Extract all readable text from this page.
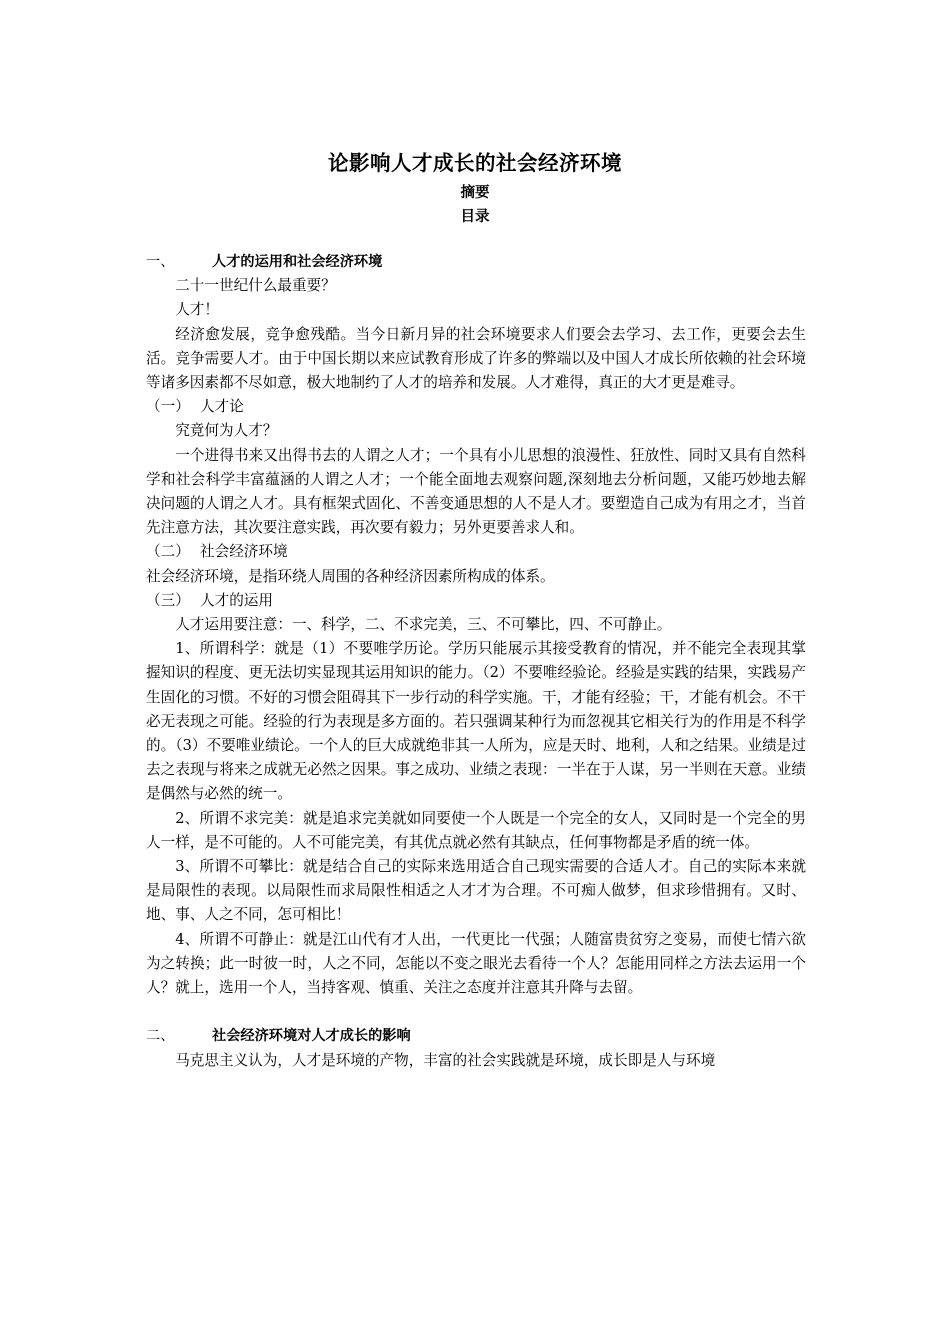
论影响人才成长的社会经济环境
摘要
目录

一、	人才的运用和社会经济环境

二十一世纪什么最重要？

人才！

经济愈发展，竞争愈残酷。当今日新月异的社会环境要求人们要会去学习、去工作，更要会去生活。竞争需要人才。由于中国长期以来应试教育形成了许多的弊端以及中国人才成长所依赖的社会环境等诸多因素都不尽如意，极大地制约了人才的培养和发展。人才难得，真正的大才更是难寻。

（一） 人才论

究竟何为人才？

一个进得书来又出得书去的人谓之人才；一个具有小儿思想的浪漫性、狂放性、同时又具有自然科学和社会科学丰富蕴涵的人谓之人才；一个能全面地去观察问题,深刻地去分析问题，又能巧妙地去解决问题的人谓之人才。具有框架式固化、不善变通思想的人不是人才。要塑造自己成为有用之才，当首先注意方法，其次要注意实践，再次要有毅力；另外更要善求人和。

（二） 社会经济环境

社会经济环境，是指环绕人周围的各种经济因素所构成的体系。

（三） 人才的运用

人才运用要注意：一、科学，二、不求完美，三、不可攀比，四、不可静止。

1、所谓科学：就是（1）不要唯学历论。学历只能展示其接受教育的情况，并不能完全表现其掌握知识的程度、更无法切实显现其运用知识的能力。（2）不要唯经验论。经验是实践的结果，实践易产生固化的习惯。不好的习惯会阻碍其下一步行动的科学实施。干，才能有经验；干，才能有机会。不干必无表现之可能。经验的行为表现是多方面的。若只强调某种行为而忽视其它相关行为的作用是不科学的。（3）不要唯业绩论。一个人的巨大成就绝非其一人所为，应是天时、地利，人和之结果。业绩是过去之表现与将来之成就无必然之因果。事之成功、业绩之表现：一半在于人谋，另一半则在天意。业绩是偶然与必然的统一。

2、所谓不求完美：就是追求完美就如同要使一个人既是一个完全的女人，又同时是一个完全的男人一样，是不可能的。人不可能完美，有其优点就必然有其缺点，任何事物都是矛盾的统一体。

3、所谓不可攀比：就是结合自己的实际来选用适合自己现实需要的合适人才。自己的实际本来就是局限性的表现。以局限性而求局限性相适之人才才为合理。不可痴人做梦，但求珍惜拥有。又时、地、事、人之不同，怎可相比！

4、所谓不可静止：就是江山代有才人出，一代更比一代强；人随富贵贫穷之变易，而使七情六欲为之转换；此一时彼一时，人之不同，怎能以不变之眼光去看待一个人？怎能用同样之方法去运用一个人？就上，选用一个人，当持客观、慎重、关注之态度并注意其升降与去留。

二、	社会经济环境对人才成长的影响

马克思主义认为，人才是环境的产物，丰富的社会实践就是环境，成长即是人与环境
